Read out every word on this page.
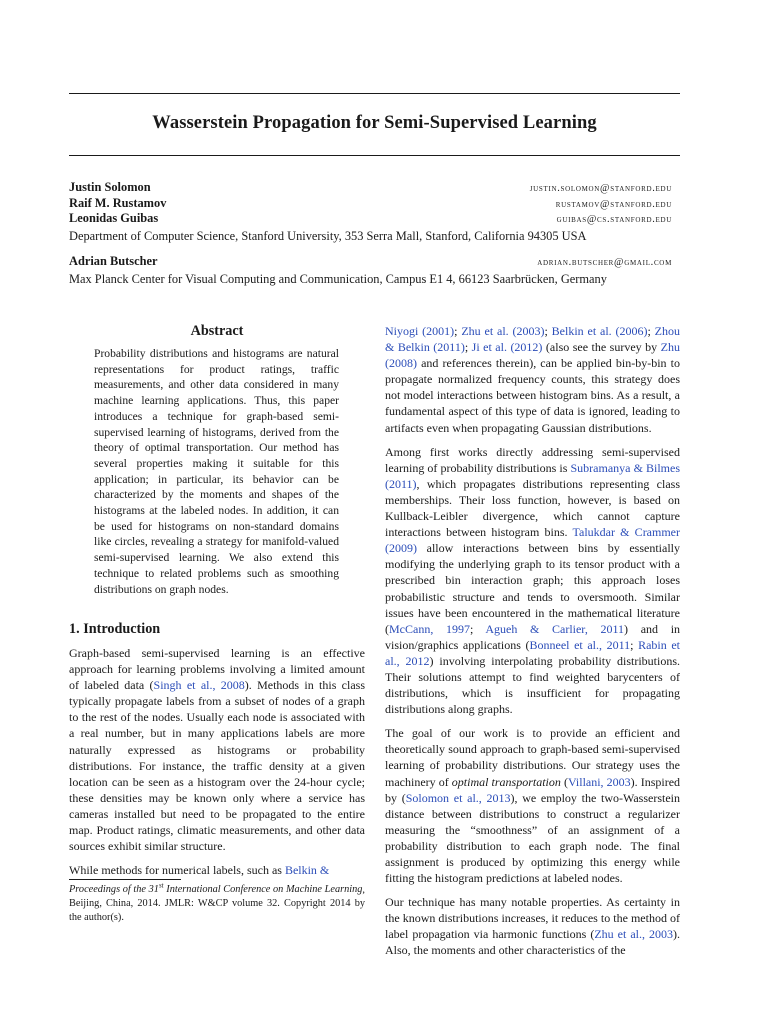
Wasserstein Propagation for Semi-Supervised Learning
Justin Solomon	justin.solomon@stanford.edu
Raif M. Rustamov	rustamov@stanford.edu
Leonidas Guibas	guibas@cs.stanford.edu
Department of Computer Science, Stanford University, 353 Serra Mall, Stanford, California 94305 USA
Adrian Butscher	adrian.butscher@gmail.com
Max Planck Center for Visual Computing and Communication, Campus E1 4, 66123 Saarbrücken, Germany
Abstract
Probability distributions and histograms are natural representations for product ratings, traffic measurements, and other data considered in many machine learning applications. Thus, this paper introduces a technique for graph-based semi-supervised learning of histograms, derived from the theory of optimal transportation. Our method has several properties making it suitable for this application; in particular, its behavior can be characterized by the moments and shapes of the histograms at the labeled nodes. In addition, it can be used for histograms on non-standard domains like circles, revealing a strategy for manifold-valued semi-supervised learning. We also extend this technique to related problems such as smoothing distributions on graph nodes.
1. Introduction

Graph-based semi-supervised learning is an effective approach for learning problems involving a limited amount of labeled data (Singh et al., 2008). Methods in this class typically propagate labels from a subset of nodes of a graph to the rest of the nodes. Usually each node is associated with a real number, but in many applications labels are more naturally expressed as histograms or probability distributions. For instance, the traffic density at a given location can be seen as a histogram over the 24-hour cycle; these densities may be known only where a service has cameras installed but need to be propagated to the entire map. Product ratings, climatic measurements, and other data sources exhibit similar structure.

While methods for numerical labels, such as Belkin &

Proceedings of the 31st International Conference on Machine Learning, Beijing, China, 2014. JMLR: W&CP volume 32. Copyright 2014 by the author(s).

Niyogi (2001); Zhu et al. (2003); Belkin et al. (2006); Zhou & Belkin (2011); Ji et al. (2012) (also see the survey by Zhu (2008) and references therein), can be applied bin-by-bin to propagate normalized frequency counts, this strategy does not model interactions between histogram bins. As a result, a fundamental aspect of this type of data is ignored, leading to artifacts even when propagating Gaussian distributions.

Among first works directly addressing semi-supervised learning of probability distributions is Subramanya & Bilmes (2011), which propagates distributions representing class memberships. Their loss function, however, is based on Kullback-Leibler divergence, which cannot capture interactions between histogram bins. Talukdar & Crammer (2009) allow interactions between bins by essentially modifying the underlying graph to its tensor product with a prescribed bin interaction graph; this approach loses probabilistic structure and tends to oversmooth. Similar issues have been encountered in the mathematical literature (McCann, 1997; Agueh & Carlier, 2011) and in vision/graphics applications (Bonneel et al., 2011; Rabin et al., 2012) involving interpolating probability distributions. Their solutions attempt to find weighted barycenters of distributions, which is insufficient for propagating distributions along graphs.

The goal of our work is to provide an efficient and theoretically sound approach to graph-based semi-supervised learning of probability distributions. Our strategy uses the machinery of optimal transportation (Villani, 2003). Inspired by (Solomon et al., 2013), we employ the two-Wasserstein distance between distributions to construct a regularizer measuring the “smoothness” of an assignment of a probability distribution to each graph node. The final assignment is produced by optimizing this energy while fitting the histogram predictions at labeled nodes.

Our technique has many notable properties. As certainty in the known distributions increases, it reduces to the method of label propagation via harmonic functions (Zhu et al., 2003). Also, the moments and other characteristics of the
